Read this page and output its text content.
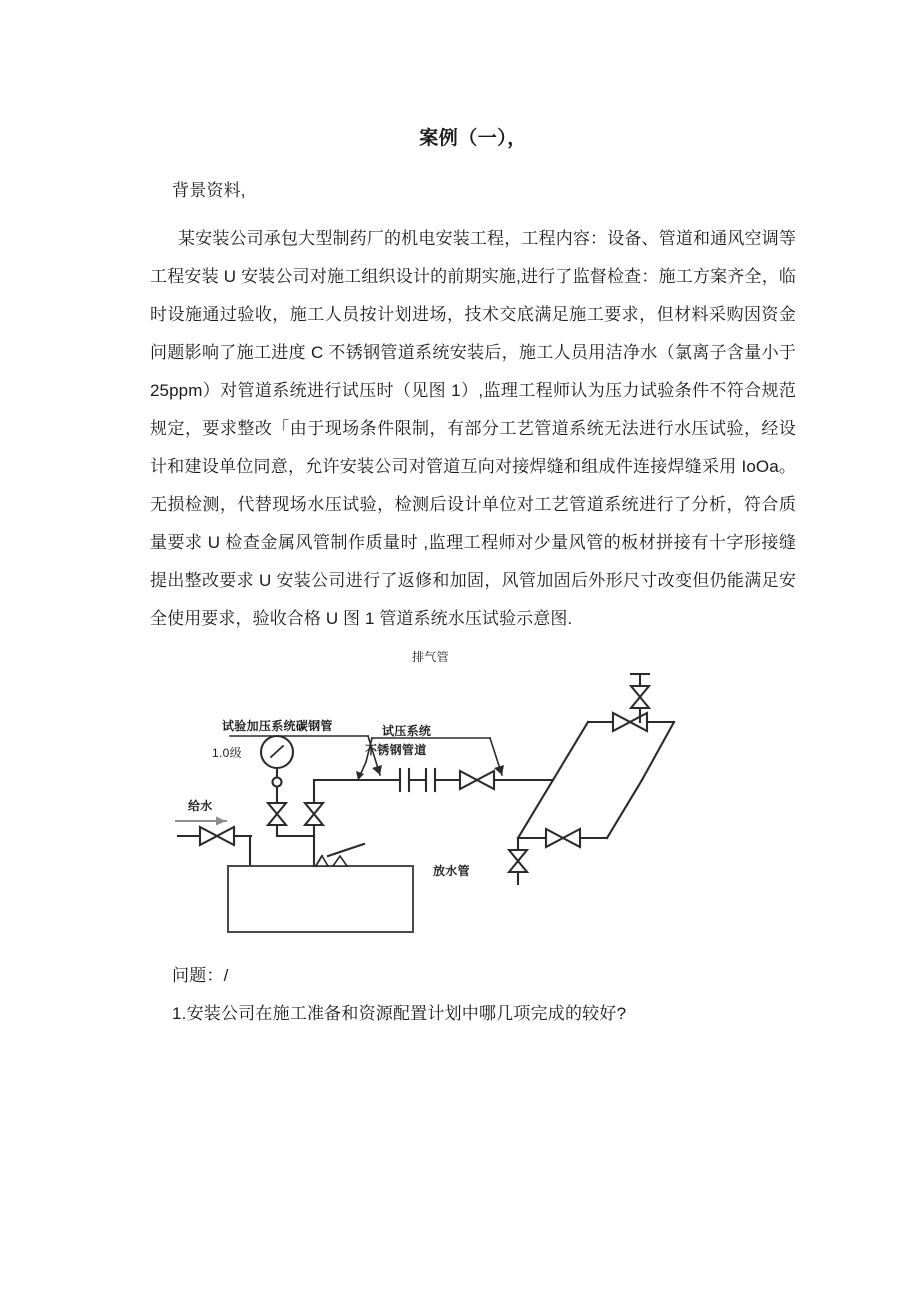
案例（一），

背景资料,

某安装公司承包大型制药厂的机电安装工程，工程内容：设备、管道和通风空调等工程安装 U 安装公司对施工组织设计的前期实施,进行了监督检查：施工方案齐全，临时设施通过验收，施工人员按计划进场，技术交底满足施工要求，但材料采购因资金问题影响了施工进度 C 不锈钢管道系统安装后，施工人员用洁净水（氯离子含量小于 25ppm）对管道系统进行试压时（见图 1）,监理工程师认为压力试验条件不符合规范规定，要求整改「由于现场条件限制，有部分工艺管道系统无法进行水压试验，经设计和建设单位同意，允许安装公司对管道互向对接焊缝和组成件连接焊缝采用 IoOa。无损检测，代替现场水压试验，检测后设计单位对工艺管道系统进行了分析，符合质量要求 U 检查金属风管制作质量时 ,监理工程师对少量风管的板材拼接有十字形接缝提出整改要求 U 安装公司进行了返修和加固，风管加固后外形尺寸改变但仍能满足安全使用要求，验收合格 U 图 1 管道系统水压试验示意图.

排气管
试验加压系统碳钢管
1.0级
试压系统
不锈钢管道
给水
放水管

问题：/

1.安装公司在施工准备和资源配置计划中哪几项完成的较好?
